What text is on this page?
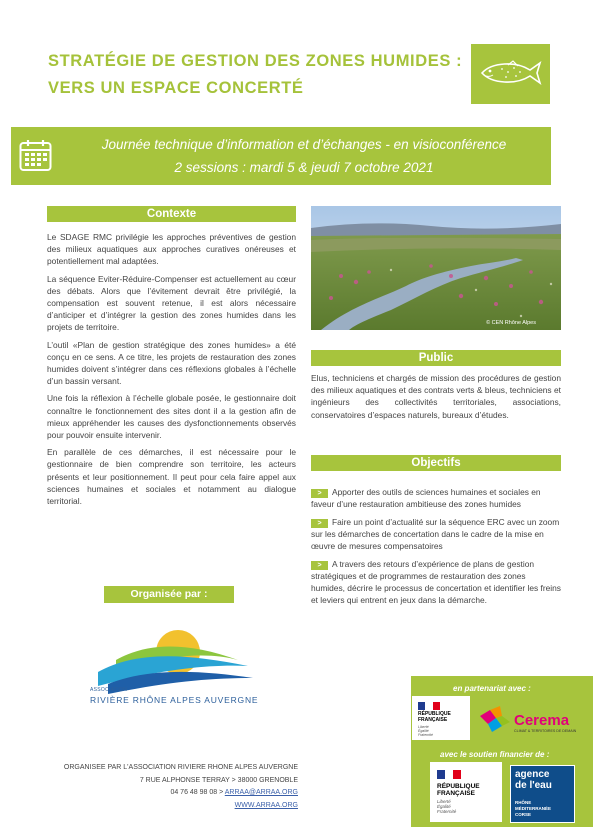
STRATÉGIE DE GESTION DES ZONES HUMIDES :
VERS UN ESPACE CONCERTÉ
Journée technique d’information et d’échanges - en visioconférence
2 sessions : mardi 5 & jeudi 7 octobre 2021
Contexte

Le SDAGE RMC privilégie les approches préventives de gestion des milieux aquatiques aux approches curatives onéreuses et potentiellement mal adaptées.

La séquence Eviter-Réduire-Compenser est actuellement au cœur des débats. Alors que l’évitement devrait être privilégié, la compensation est souvent retenue, il est alors nécessaire d’anticiper et d’intégrer la gestion des zones humides dans les projets de territoire.

L’outil «Plan de gestion stratégique des zones humides» a été conçu en ce sens. A ce titre, les projets de restauration des zones humides doivent s’intégrer dans ces réflexions globales à l’échelle d’un bassin versant.

Une fois la réflexion à l’échelle globale posée, le gestionnaire doit connaître le fonctionnement des sites dont il a la gestion afin de mieux appréhender les causes des dysfonctionnements observés pour pouvoir ensuite intervenir.

En parallèle de ces démarches, il est nécessaire pour le gestionnaire de bien comprendre son territoire, les acteurs présents et leur positionnement. Il peut pour cela faire appel aux sciences humaines et sociales et notamment au dialogue territorial.

© CEN Rhône Alpes
Public
Elus, techniciens et chargés de mission des procédures de gestion des milieux aquatiques et des contrats verts & bleus, techniciens et ingénieurs des collectivités territoriales, associations, conservatoires d’espaces naturels, bureaux d’études.
Objectifs
> Apporter des outils de sciences humaines et sociales en faveur d’une restauration ambitieuse des zones humides
> Faire un point d’actualité sur la séquence ERC avec un zoom sur les démarches de concertation dans le cadre de la mise en œuvre de mesures compensatoires
> A travers des retours d’expérience de plans de gestion stratégiques et de programmes de restauration des zones humides, décrire le processus de concertation et identifier les freins et leviers qui entrent en jeux dans la démarche.
Organisée par :
ASSOCIATION
RIVIÈRE RHÔNE ALPES AUVERGNE
ORGANISEE PAR L'ASSOCIATION RIVIERE RHONE ALPES AUVERGNE
7 RUE ALPHONSE TERRAY > 38000 GRENOBLE
04 76 48 98 08 > ARRAA@ARRAA.ORG
WWW.ARRAA.ORG
en partenariat avec :
RÉPUBLIQUE
FRANÇAISE
Liberté
Égalité
Fraternité
Cerema
CLIMAT & TERRITOIRES DE DEMAIN
avec le soutien financier de :
RÉPUBLIQUE
FRANÇAISE
Liberté
Égalité
Fraternité
agence
de l'eau
RHÔNE
MÉDITERRANÉE
CORSE
